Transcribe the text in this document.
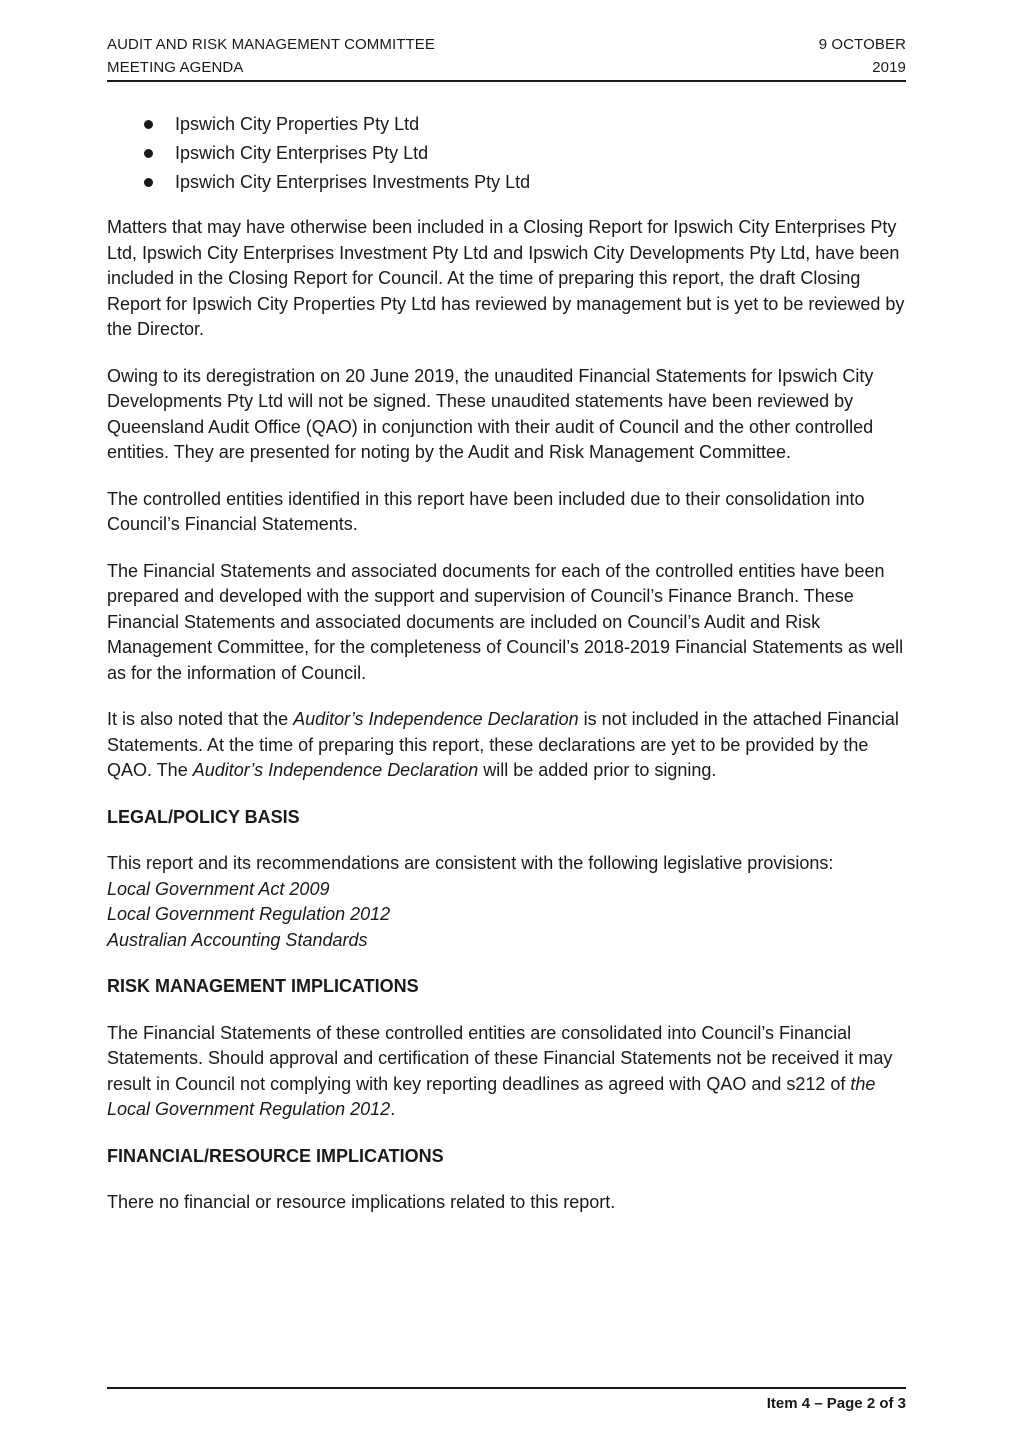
AUDIT AND RISK MANAGEMENT COMMITTEE
MEETING AGENDA
9 OCTOBER
2019
Ipswich City Properties Pty Ltd
Ipswich City Enterprises Pty Ltd
Ipswich City Enterprises Investments Pty Ltd

Matters that may have otherwise been included in a Closing Report for Ipswich City Enterprises Pty Ltd, Ipswich City Enterprises Investment Pty Ltd and Ipswich City Developments Pty Ltd, have been included in the Closing Report for Council. At the time of preparing this report, the draft Closing Report for Ipswich City Properties Pty Ltd has reviewed by management but is yet to be reviewed by the Director.

Owing to its deregistration on 20 June 2019, the unaudited Financial Statements for Ipswich City Developments Pty Ltd will not be signed. These unaudited statements have been reviewed by Queensland Audit Office (QAO) in conjunction with their audit of Council and the other controlled entities. They are presented for noting by the Audit and Risk Management Committee.

The controlled entities identified in this report have been included due to their consolidation into Council’s Financial Statements.

The Financial Statements and associated documents for each of the controlled entities have been prepared and developed with the support and supervision of Council’s Finance Branch. These Financial Statements and associated documents are included on Council’s Audit and Risk Management Committee, for the completeness of Council’s 2018-2019 Financial Statements as well as for the information of Council.

It is also noted that the Auditor’s Independence Declaration is not included in the attached Financial Statements. At the time of preparing this report, these declarations are yet to be provided by the QAO. The Auditor’s Independence Declaration will be added prior to signing.

LEGAL/POLICY BASIS

This report and its recommendations are consistent with the following legislative provisions:
Local Government Act 2009
Local Government Regulation 2012
Australian Accounting Standards

RISK MANAGEMENT IMPLICATIONS

The Financial Statements of these controlled entities are consolidated into Council’s Financial Statements. Should approval and certification of these Financial Statements not be received it may result in Council not complying with key reporting deadlines as agreed with QAO and s212 of the Local Government Regulation 2012.

FINANCIAL/RESOURCE IMPLICATIONS

There no financial or resource implications related to this report.

Item 4 – Page 2 of 3
